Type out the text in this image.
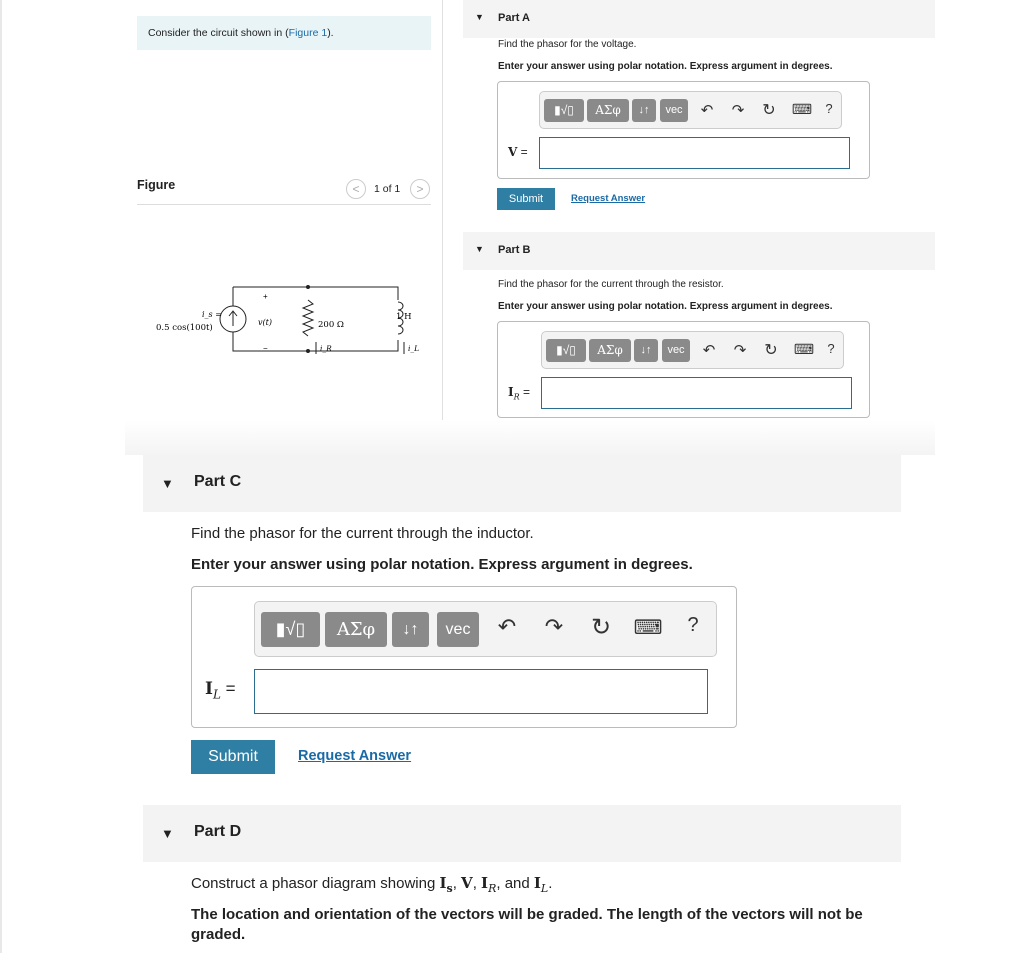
Consider the circuit shown in (Figure 1).
Figure	<	1 of 1	>
i_s =
0.5 cos(100t)
+
v(t)
−
200 Ω
1 H
i_R	i_L
▼ Part A
Find the phasor for the voltage.
Enter your answer using polar notation. Express argument in degrees.
▮√▯	ΑΣφ	↓↑	vec	↶ ↷ ↻ ⌨ ?
V =
Submit	Request Answer
▼ Part B
Find the phasor for the current through the resistor.
Enter your answer using polar notation. Express argument in degrees.
▮√▯	ΑΣφ	↓↑	vec	↶ ↷ ↻ ⌨ ?
$I_R$ =
▼ Part C
Find the phasor for the current through the inductor.
Enter your answer using polar notation. Express argument in degrees.
▮√▯	ΑΣφ	↓↑	vec	↶ ↷ ↻ ⌨ ?
$I_L$ =
Submit	Request Answer
▼ Part D
Construct a phasor diagram showing $I_s$, V, $I_R$, and $I_L$.
The location and orientation of the vectors will be graded. The length of the vectors will not be graded.
